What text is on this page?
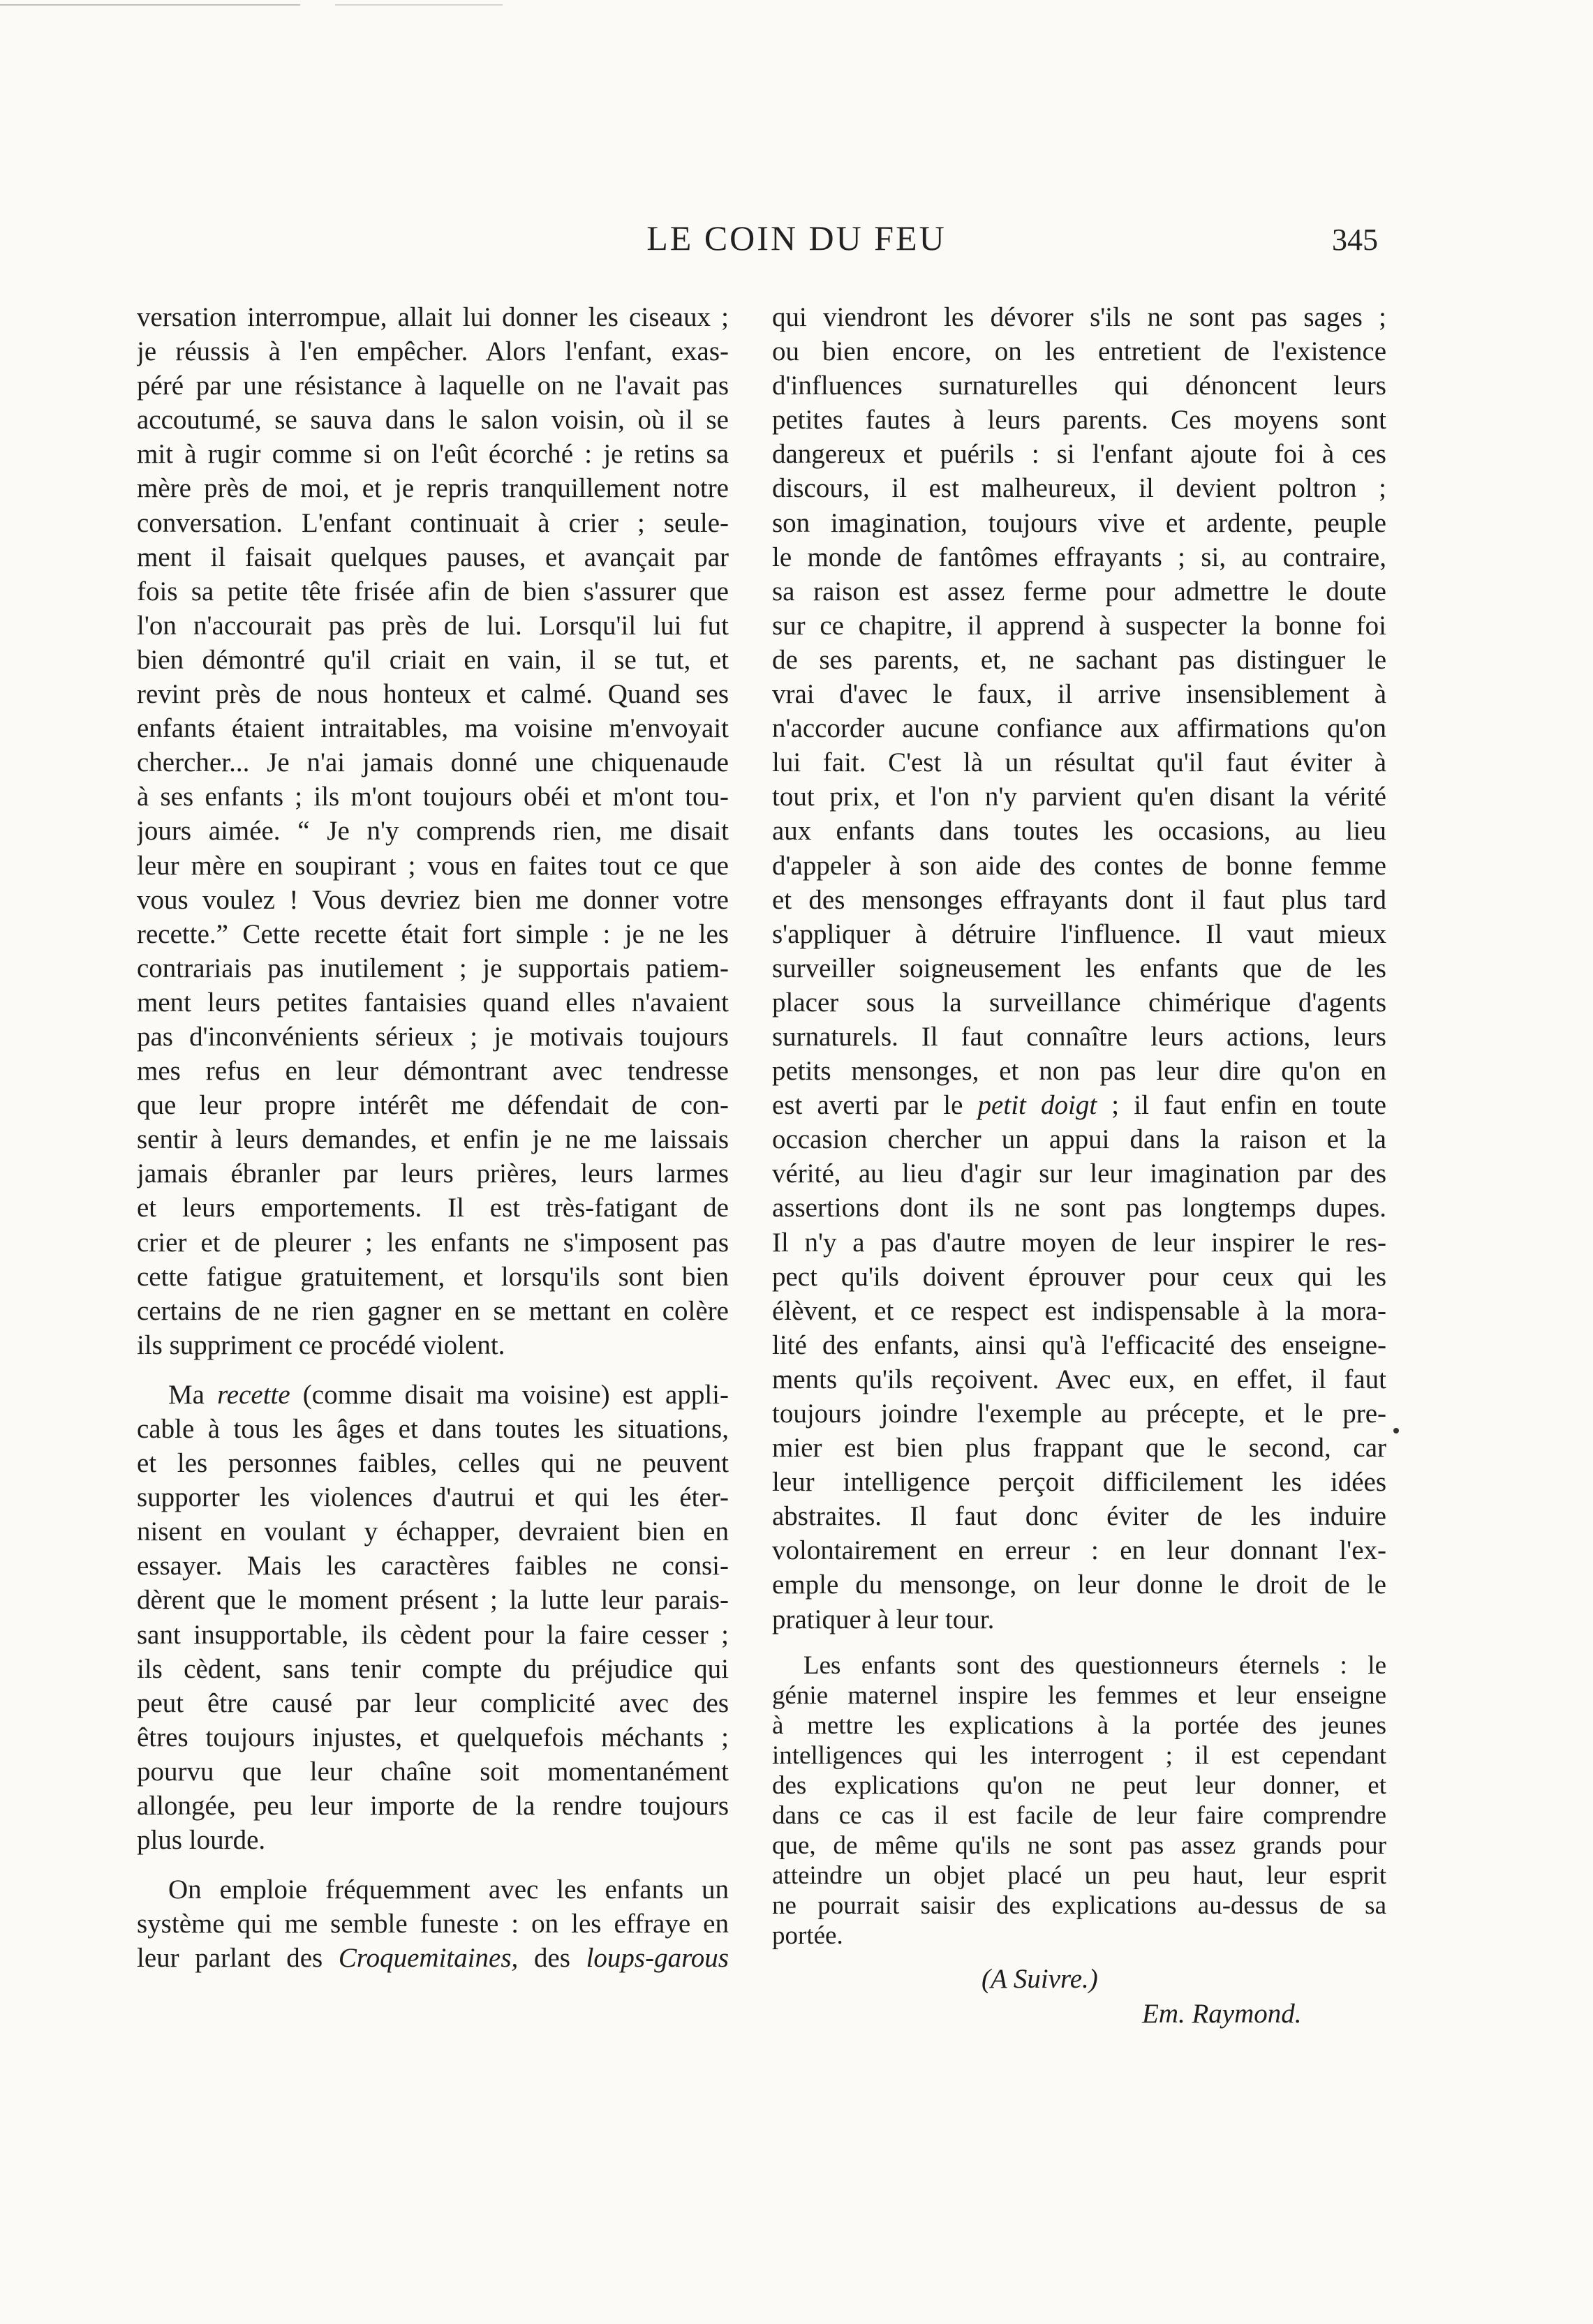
LE COIN DU FEU	345
versation interrompue, allait lui donner les ciseaux ;
je réussis à l'en empêcher. Alors l'enfant, exas-
péré par une résistance à laquelle on ne l'avait pas
accoutumé, se sauva dans le salon voisin, où il se
mit à rugir comme si on l'eût écorché : je retins sa
mère près de moi, et je repris tranquillement notre
conversation. L'enfant continuait à crier ; seule-
ment il faisait quelques pauses, et avançait par
fois sa petite tête frisée afin de bien s'assurer que
l'on n'accourait pas près de lui. Lorsqu'il lui fut
bien démontré qu'il criait en vain, il se tut, et
revint près de nous honteux et calmé. Quand ses
enfants étaient intraitables, ma voisine m'envoyait
chercher... Je n'ai jamais donné une chiquenaude
à ses enfants ; ils m'ont toujours obéi et m'ont tou-
jours aimée. “ Je n'y comprends rien, me disait
leur mère en soupirant ; vous en faites tout ce que
vous voulez ! Vous devriez bien me donner votre
recette.” Cette recette était fort simple : je ne les
contrariais pas inutilement ; je supportais patiem-
ment leurs petites fantaisies quand elles n'avaient
pas d'inconvénients sérieux ; je motivais toujours
mes refus en leur démontrant avec tendresse
que leur propre intérêt me défendait de con-
sentir à leurs demandes, et enfin je ne me laissais
jamais ébranler par leurs prières, leurs larmes
et leurs emportements. Il est très-fatigant de
crier et de pleurer ; les enfants ne s'imposent pas
cette fatigue gratuitement, et lorsqu'ils sont bien
certains de ne rien gagner en se mettant en colère
ils suppriment ce procédé violent.
Ma recette (comme disait ma voisine) est appli-
cable à tous les âges et dans toutes les situations,
et les personnes faibles, celles qui ne peuvent
supporter les violences d'autrui et qui les éter-
nisent en voulant y échapper, devraient bien en
essayer. Mais les caractères faibles ne consi-
dèrent que le moment présent ; la lutte leur parais-
sant insupportable, ils cèdent pour la faire cesser ;
ils cèdent, sans tenir compte du préjudice qui
peut être causé par leur complicité avec des
êtres toujours injustes, et quelquefois méchants ;
pourvu que leur chaîne soit momentanément
allongée, peu leur importe de la rendre toujours
plus lourde.
On emploie fréquemment avec les enfants un
système qui me semble funeste : on les effraye en
leur parlant des Croquemitaines, des loups-garous
qui viendront les dévorer s'ils ne sont pas sages ;
ou bien encore, on les entretient de l'existence
d'influences surnaturelles qui dénoncent leurs
petites fautes à leurs parents. Ces moyens sont
dangereux et puérils : si l'enfant ajoute foi à ces
discours, il est malheureux, il devient poltron ;
son imagination, toujours vive et ardente, peuple
le monde de fantômes effrayants ; si, au contraire,
sa raison est assez ferme pour admettre le doute
sur ce chapitre, il apprend à suspecter la bonne foi
de ses parents, et, ne sachant pas distinguer le
vrai d'avec le faux, il arrive insensiblement à
n'accorder aucune confiance aux affirmations qu'on
lui fait. C'est là un résultat qu'il faut éviter à
tout prix, et l'on n'y parvient qu'en disant la vérité
aux enfants dans toutes les occasions, au lieu
d'appeler à son aide des contes de bonne femme
et des mensonges effrayants dont il faut plus tard
s'appliquer à détruire l'influence. Il vaut mieux
surveiller soigneusement les enfants que de les
placer sous la surveillance chimérique d'agents
surnaturels. Il faut connaître leurs actions, leurs
petits mensonges, et non pas leur dire qu'on en
est averti par le petit doigt ; il faut enfin en toute
occasion chercher un appui dans la raison et la
vérité, au lieu d'agir sur leur imagination par des
assertions dont ils ne sont pas longtemps dupes.
Il n'y a pas d'autre moyen de leur inspirer le res-
pect qu'ils doivent éprouver pour ceux qui les
élèvent, et ce respect est indispensable à la mora-
lité des enfants, ainsi qu'à l'efficacité des enseigne-
ments qu'ils reçoivent. Avec eux, en effet, il faut
toujours joindre l'exemple au précepte, et le pre-
mier est bien plus frappant que le second, car
leur intelligence perçoit difficilement les idées
abstraites. Il faut donc éviter de les induire
volontairement en erreur : en leur donnant l'ex-
emple du mensonge, on leur donne le droit de le
pratiquer à leur tour.
Les enfants sont des questionneurs éternels : le
génie maternel inspire les femmes et leur enseigne
à mettre les explications à la portée des jeunes
intelligences qui les interrogent ; il est cependant
des explications qu'on ne peut leur donner, et
dans ce cas il est facile de leur faire comprendre
que, de même qu'ils ne sont pas assez grands pour
atteindre un objet placé un peu haut, leur esprit
ne pourrait saisir des explications au-dessus de sa
portée.
(A Suivre.)
Em. Raymond.
